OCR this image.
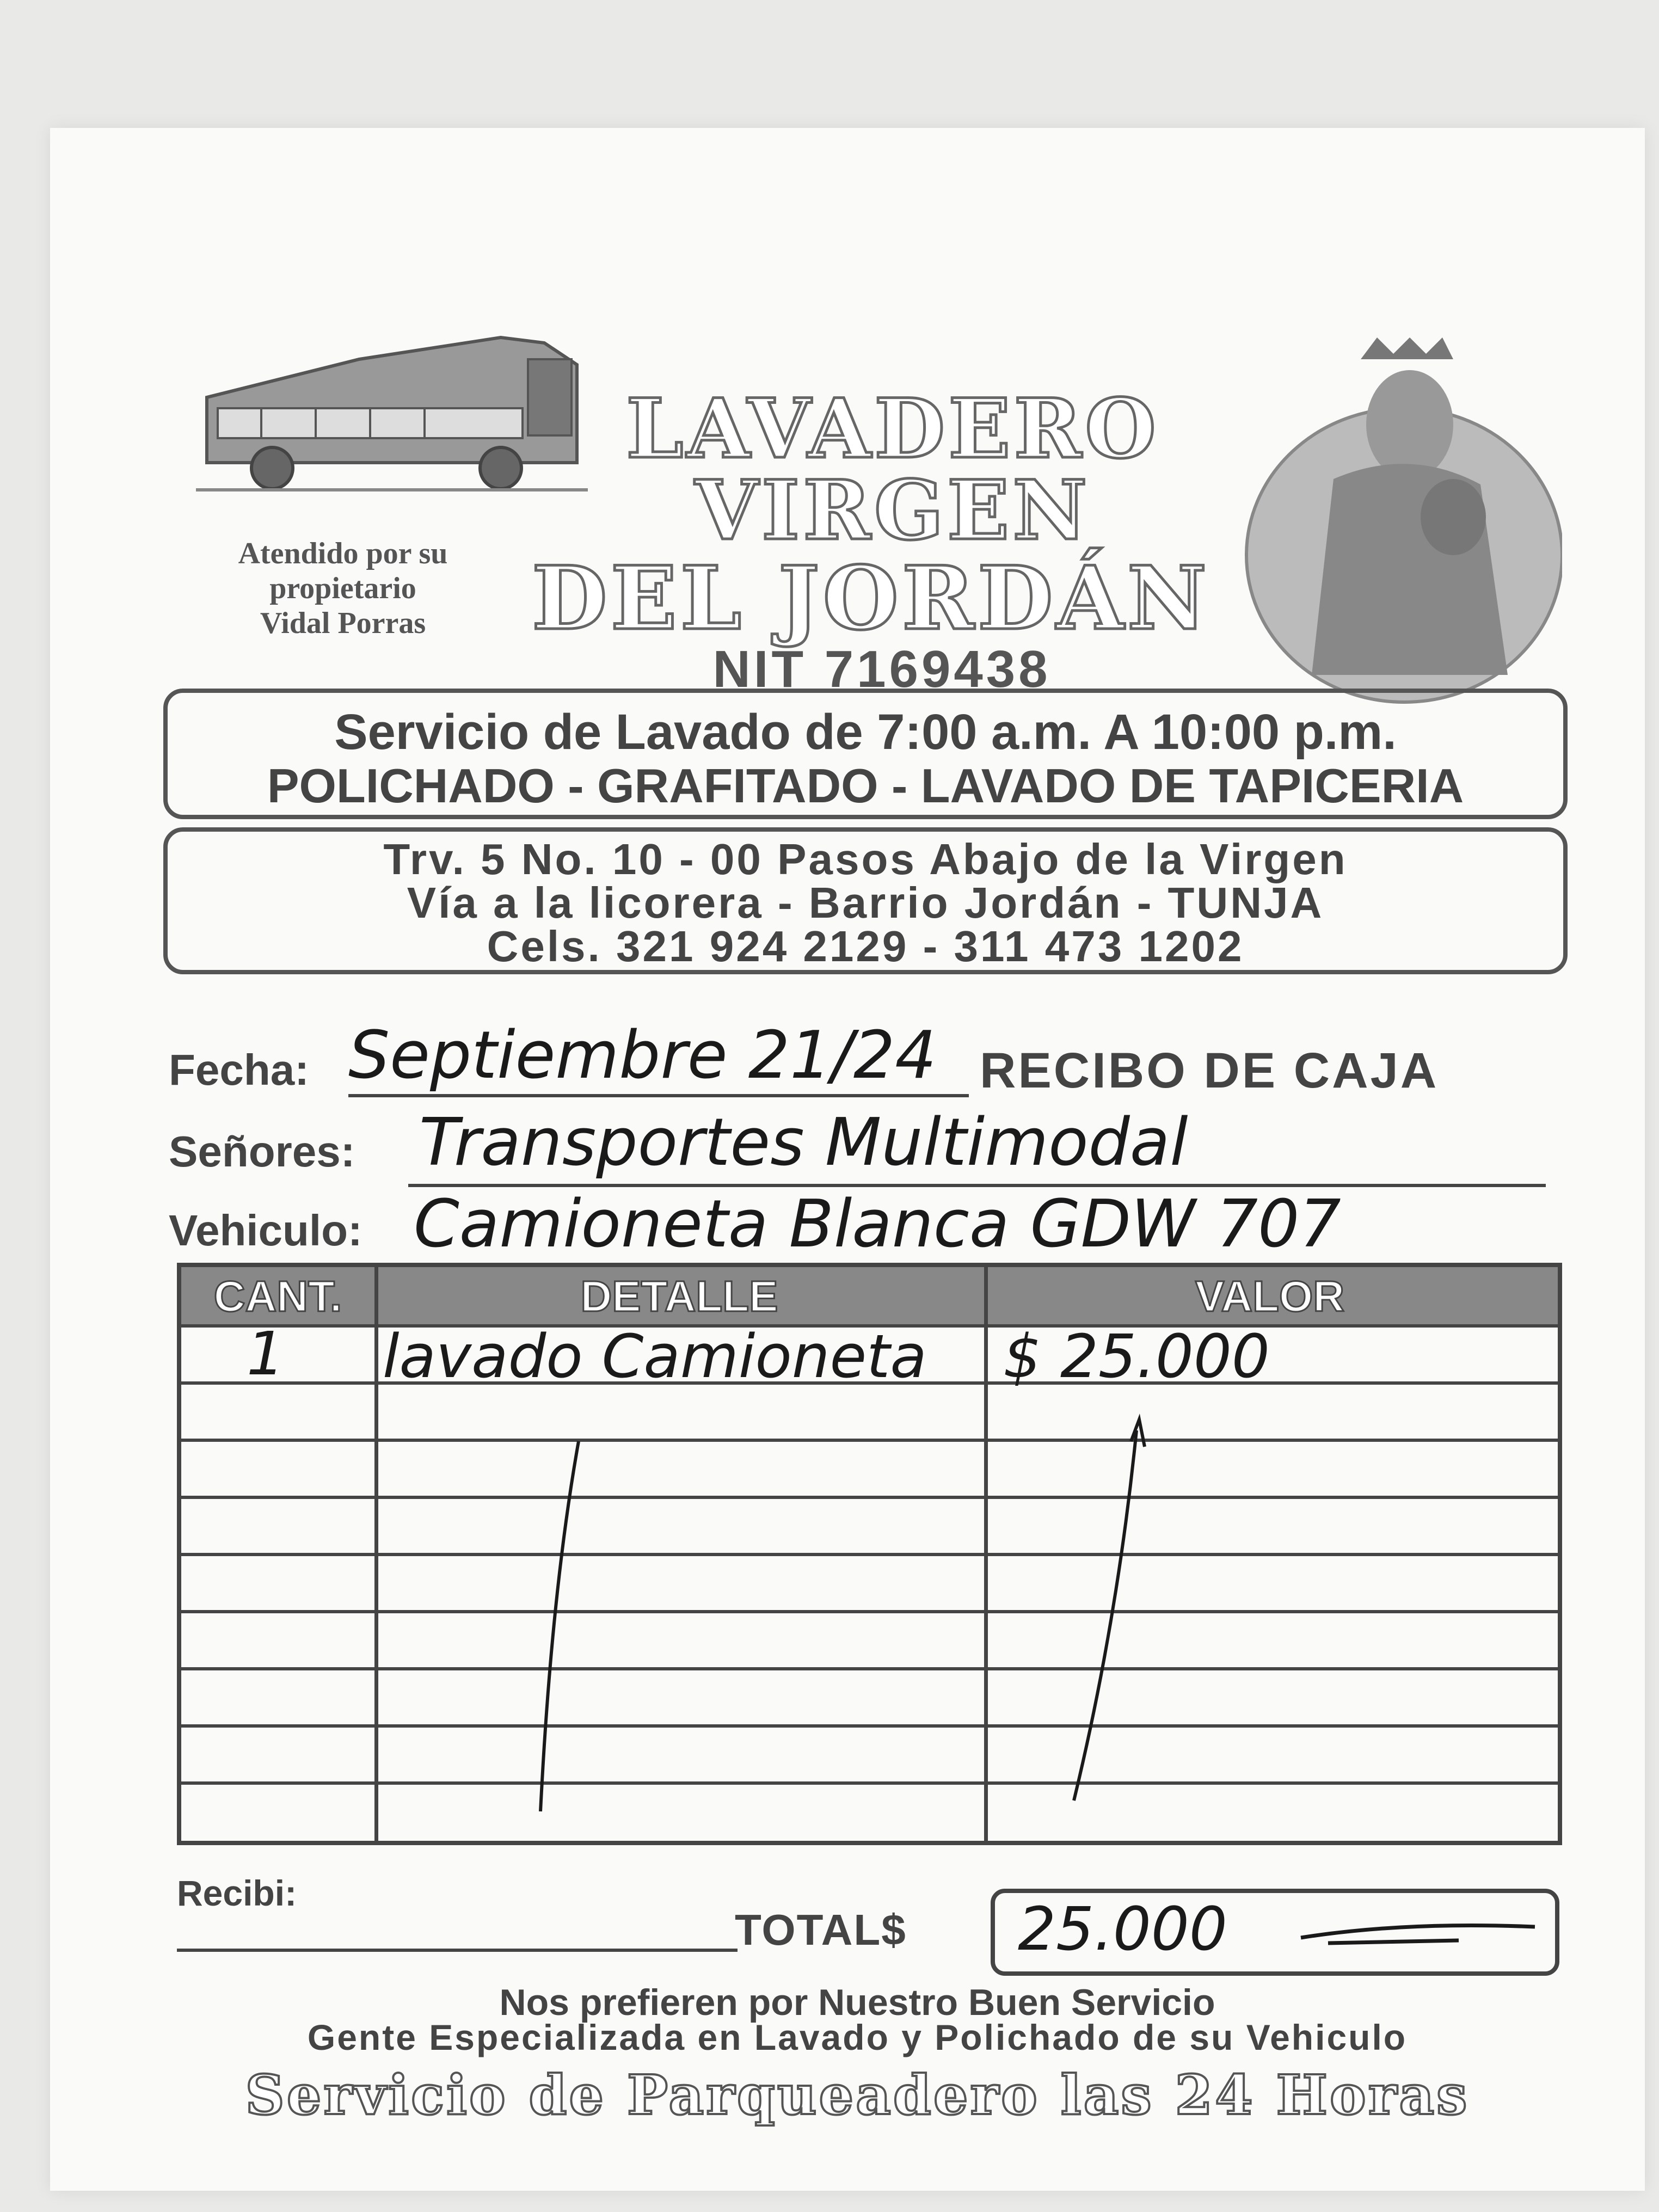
Atendido por su
propietario
Vidal Porras
LAVADERO
VIRGEN
DEL JORDÁN
NIT 7169438
Servicio de Lavado de 7:00 a.m. A 10:00 p.m.
POLICHADO - GRAFITADO - LAVADO DE TAPICERIA
Trv. 5 No. 10 - 00 Pasos Abajo de la Virgen
Vía a la licorera - Barrio Jordán - TUNJA
Cels. 321 924 2129 - 311 473 1202
Fecha: Septiembre 21/24 RECIBO DE CAJA
Señores: Transportes Multimodal
Vehiculo: Camioneta Blanca GDW 707
CANT.	DETALLE	VALOR
1 lavado Camioneta $ 25.000
Recibi:
TOTAL$ 25.000
Nos prefieren por Nuestro Buen Servicio
Gente Especializada en Lavado y Polichado de su Vehiculo
Servicio de Parqueadero las 24 Horas
